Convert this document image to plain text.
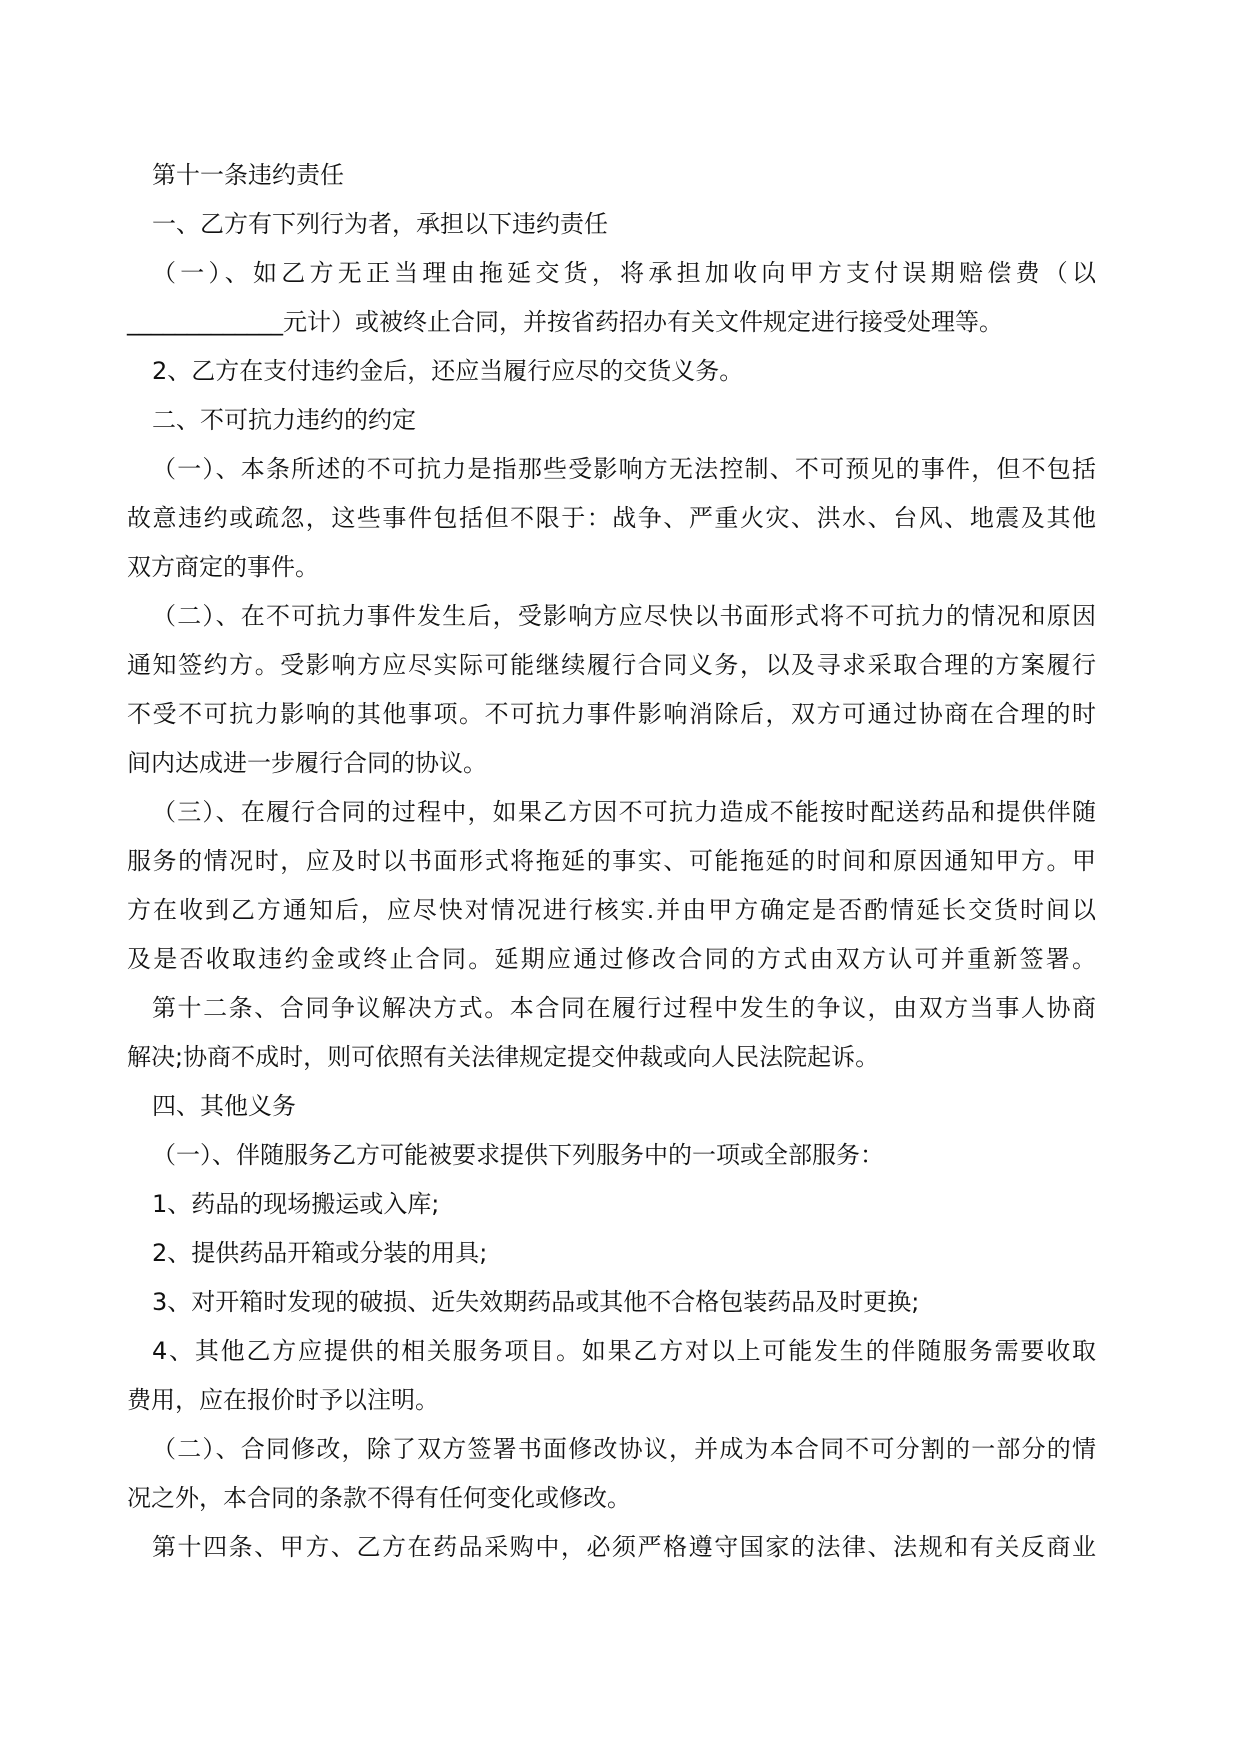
第十一条违约责任
一、乙方有下列行为者，承担以下违约责任
（一）、如乙方无正当理由拖延交货，将承担加收向甲方支付误期赔偿费（以
_____________元计）或被终止合同，并按省药招办有关文件规定进行接受处理等。
2、乙方在支付违约金后，还应当履行应尽的交货义务。
二、不可抗力违约的约定
（一）、本条所述的不可抗力是指那些受影响方无法控制、不可预见的事件，但不包括
故意违约或疏忽，这些事件包括但不限于：战争、严重火灾、洪水、台风、地震及其他
双方商定的事件。
（二）、在不可抗力事件发生后，受影响方应尽快以书面形式将不可抗力的情况和原因
通知签约方。受影响方应尽实际可能继续履行合同义务，以及寻求采取合理的方案履行
不受不可抗力影响的其他事项。不可抗力事件影响消除后，双方可通过协商在合理的时
间内达成进一步履行合同的协议。
（三）、在履行合同的过程中，如果乙方因不可抗力造成不能按时配送药品和提供伴随
服务的情况时，应及时以书面形式将拖延的事实、可能拖延的时间和原因通知甲方。甲
方在收到乙方通知后，应尽快对情况进行核实.并由甲方确定是否酌情延长交货时间以
及是否收取违约金或终止合同。延期应通过修改合同的方式由双方认可并重新签署。
第十二条、合同争议解决方式。本合同在履行过程中发生的争议，由双方当事人协商
解决;协商不成时，则可依照有关法律规定提交仲裁或向人民法院起诉。
四、其他义务
（一）、伴随服务乙方可能被要求提供下列服务中的一项或全部服务：
1、药品的现场搬运或入库;
2、提供药品开箱或分装的用具;
3、对开箱时发现的破损、近失效期药品或其他不合格包装药品及时更换;
4、其他乙方应提供的相关服务项目。如果乙方对以上可能发生的伴随服务需要收取
费用，应在报价时予以注明。
（二）、合同修改，除了双方签署书面修改协议，并成为本合同不可分割的一部分的情
况之外，本合同的条款不得有任何变化或修改。
第十四条、甲方、乙方在药品采购中，必须严格遵守国家的法律、法规和有关反商业
